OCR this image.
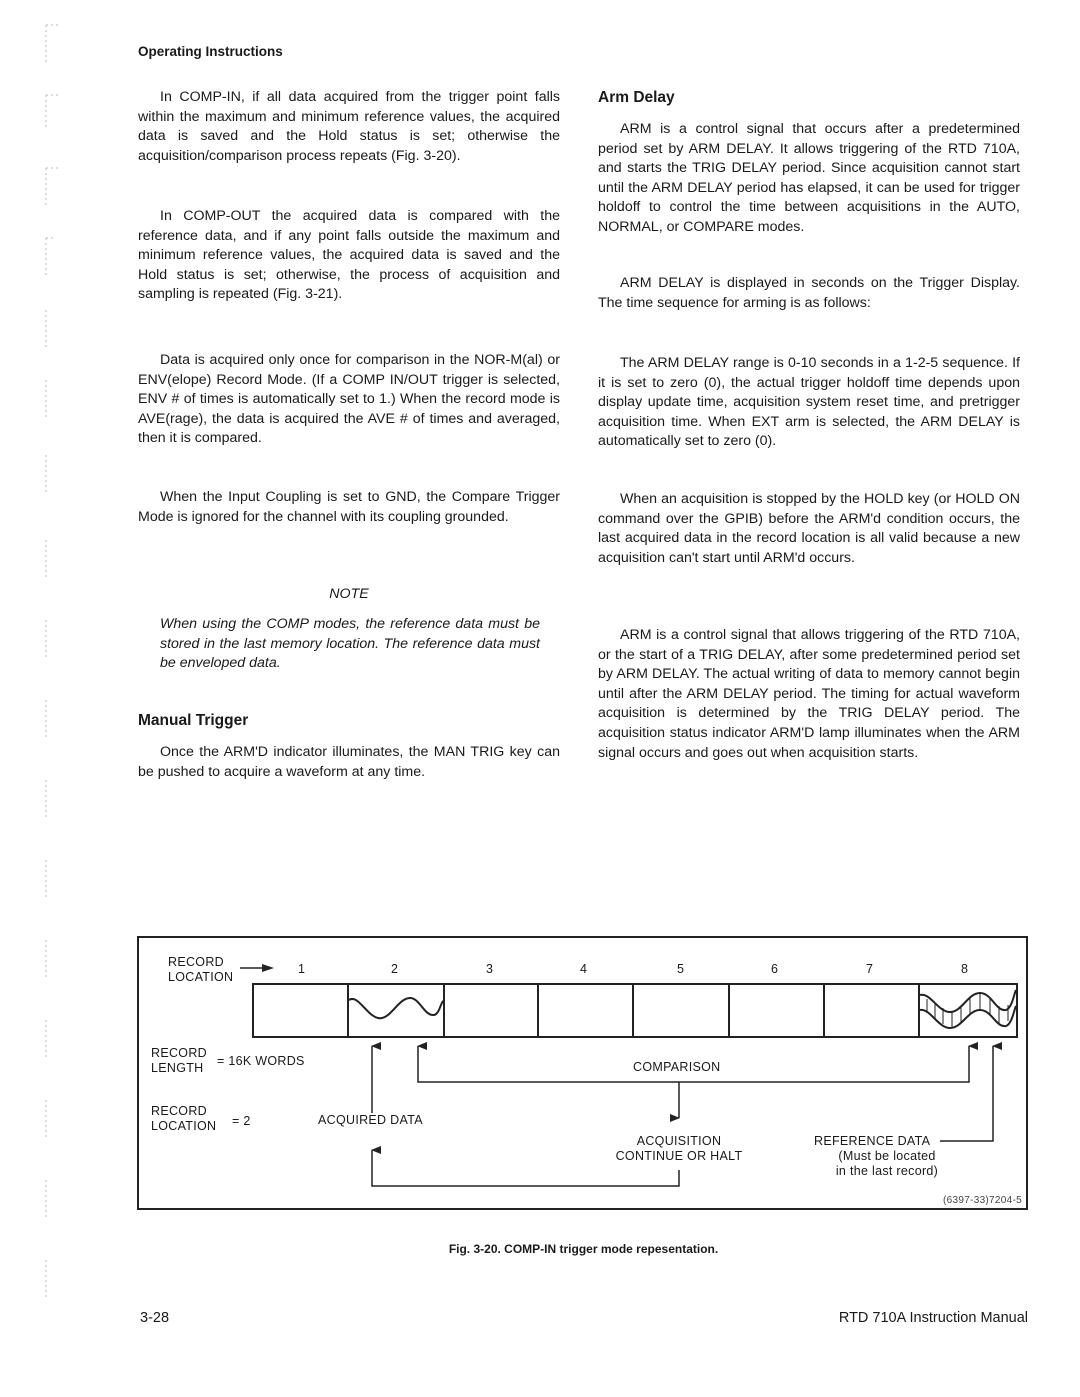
Operating Instructions

In COMP-IN, if all data acquired from the trigger point falls within the maximum and minimum reference values, the acquired data is saved and the Hold status is set; otherwise the acquisition/comparison process repeats (Fig. 3-20).

In COMP-OUT the acquired data is compared with the reference data, and if any point falls outside the maximum and minimum reference values, the acquired data is saved and the Hold status is set; otherwise, the process of acquisition and sampling is repeated (Fig. 3-21).

Data is acquired only once for comparison in the NOR-M(al) or ENV(elope) Record Mode. (If a COMP IN/OUT trigger is selected, ENV # of times is automatically set to 1.) When the record mode is AVE(rage), the data is acquired the AVE # of times and averaged, then it is compared.

When the Input Coupling is set to GND, the Compare Trigger Mode is ignored for the channel with its coupling grounded.

NOTE
When using the COMP modes, the reference data must be stored in the last memory location. The reference data must be enveloped data.
Manual Trigger

Once the ARM'D indicator illuminates, the MAN TRIG key can be pushed to acquire a waveform at any time.

Arm Delay

ARM is a control signal that occurs after a predetermined period set by ARM DELAY. It allows triggering of the RTD 710A, and starts the TRIG DELAY period. Since acquisition cannot start until the ARM DELAY period has elapsed, it can be used for trigger holdoff to control the time between acquisitions in the AUTO, NORMAL, or COMPARE modes.

ARM DELAY is displayed in seconds on the Trigger Display. The time sequence for arming is as follows:

The ARM DELAY range is 0-10 seconds in a 1-2-5 sequence. If it is set to zero (0), the actual trigger holdoff time depends upon display update time, acquisition system reset time, and pretrigger acquisition time. When EXT arm is selected, the ARM DELAY is automatically set to zero (0).

When an acquisition is stopped by the HOLD key (or HOLD ON command over the GPIB) before the ARM'd condition occurs, the last acquired data in the record location is all valid because a new acquisition can't start until ARM'd occurs.

ARM is a control signal that allows triggering of the RTD 710A, or the start of a TRIG DELAY, after some predetermined period set by ARM DELAY. The actual writing of data to memory cannot begin until after the ARM DELAY period. The timing for actual waveform acquisition is determined by the TRIG DELAY period. The acquisition status indicator ARM'D lamp illuminates when the ARM signal occurs and goes out when acquisition starts.

RECORD
LOCATION
1	2	3	4	5	6	7	8
RECORD
LENGTH = 16K WORDS
RECORD
LOCATION = 2	ACQUIRED DATA
COMPARISON
ACQUISITION
CONTINUE OR HALT
REFERENCE DATA
(Must be located
in the last record)
(6397-33)7204-5
Fig. 3-20. COMP-IN trigger mode repesentation.
3-28	RTD 710A Instruction Manual
